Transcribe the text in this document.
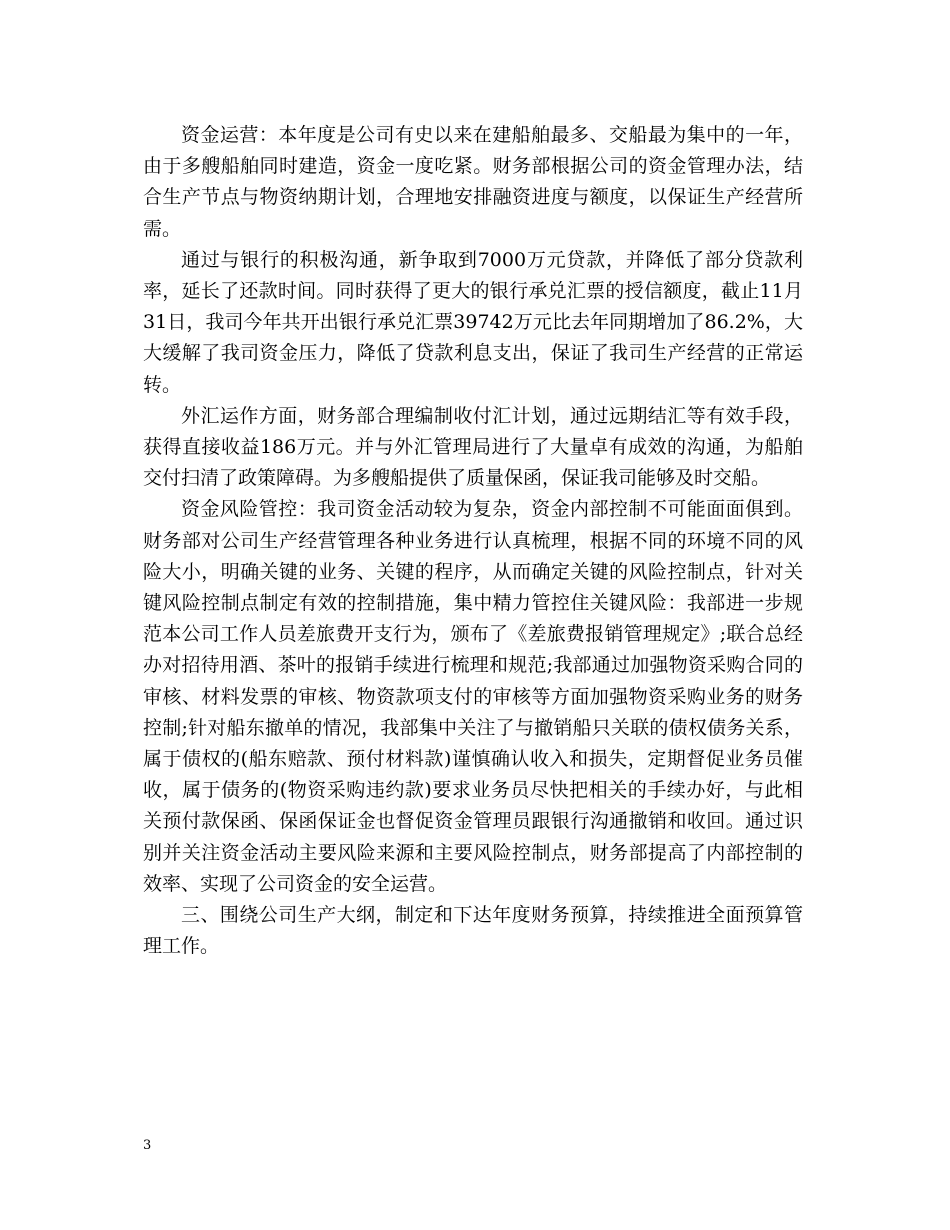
资金运营：本年度是公司有史以来在建船舶最多、交船最为集中的一年，由于多艘船舶同时建造，资金一度吃紧。财务部根据公司的资金管理办法，结合生产节点与物资纳期计划，合理地安排融资进度与额度，以保证生产经营所需。

通过与银行的积极沟通，新争取到7000万元贷款，并降低了部分贷款利率，延长了还款时间。同时获得了更大的银行承兑汇票的授信额度，截止11月31日，我司今年共开出银行承兑汇票39742万元比去年同期增加了86.2%，大大缓解了我司资金压力，降低了贷款利息支出，保证了我司生产经营的正常运转。

外汇运作方面，财务部合理编制收付汇计划，通过远期结汇等有效手段，获得直接收益186万元。并与外汇管理局进行了大量卓有成效的沟通，为船舶交付扫清了政策障碍。为多艘船提供了质量保函，保证我司能够及时交船。

资金风险管控：我司资金活动较为复杂，资金内部控制不可能面面俱到。财务部对公司生产经营管理各种业务进行认真梳理，根据不同的环境不同的风险大小，明确关键的业务、关键的程序，从而确定关键的风险控制点，针对关键风险控制点制定有效的控制措施，集中精力管控住关键风险：我部进一步规范本公司工作人员差旅费开支行为，颁布了《差旅费报销管理规定》;联合总经办对招待用酒、茶叶的报销手续进行梳理和规范;我部通过加强物资采购合同的审核、材料发票的审核、物资款项支付的审核等方面加强物资采购业务的财务控制;针对船东撤单的情况，我部集中关注了与撤销船只关联的债权债务关系，属于债权的(船东赔款、预付材料款)谨慎确认收入和损失，定期督促业务员催收，属于债务的(物资采购违约款)要求业务员尽快把相关的手续办好，与此相关预付款保函、保函保证金也督促资金管理员跟银行沟通撤销和收回。通过识别并关注资金活动主要风险来源和主要风险控制点，财务部提高了内部控制的效率、实现了公司资金的安全运营。

三、围绕公司生产大纲，制定和下达年度财务预算，持续推进全面预算管理工作。

3
